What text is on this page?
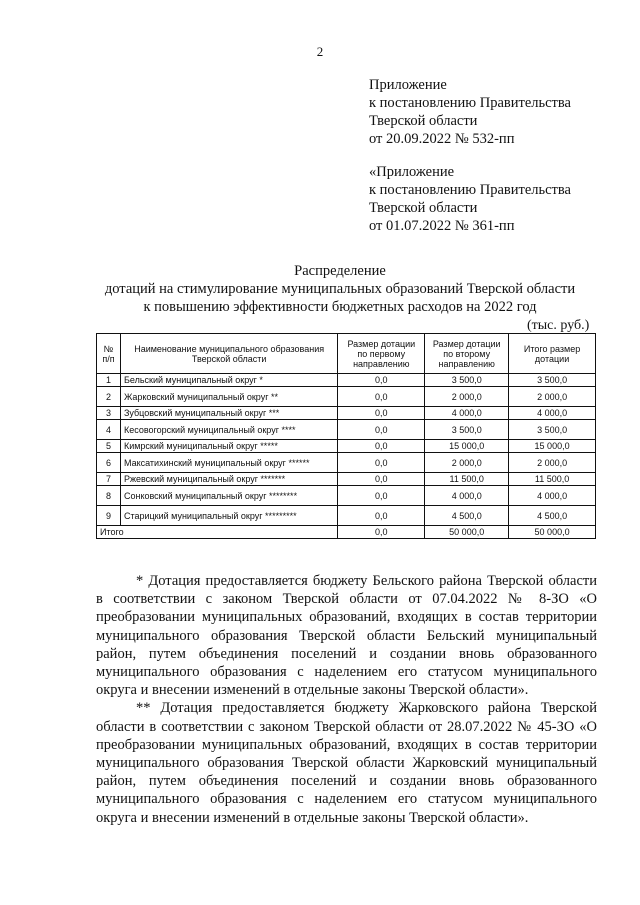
2
Приложение
к постановлению Правительства
Тверской области
от 20.09.2022 № 532-пп
«Приложение
к постановлению Правительства
Тверской области
от 01.07.2022 № 361-пп
Распределение
дотаций на стимулирование муниципальных образований Тверской области
к повышению эффективности бюджетных расходов на 2022 год
(тыс. руб.)
№ п/п	Наименование муниципального образования Тверской области	Размер дотации по первому направлению	Размер дотации по второму направлению	Итого размер дотации
1	Бельский муниципальный округ *	0,0	3 500,0	3 500,0
2	Жарковский муниципальный округ **	0,0	2 000,0	2 000,0
3	Зубцовский муниципальный округ ***	0,0	4 000,0	4 000,0
4	Кесовогорский муниципальный округ ****	0,0	3 500,0	3 500,0
5	Кимрский муниципальный округ *****	0,0	15 000,0	15 000,0
6	Максатихинский муниципальный округ ******	0,0	2 000,0	2 000,0
7	Ржевский муниципальный округ *******	0,0	11 500,0	11 500,0
8	Сонковский муниципальный округ ********	0,0	4 000,0	4 000,0
9	Старицкий муниципальный округ *********	0,0	4 500,0	4 500,0
Итого		0,0	50 000,0	50 000,0

* Дотация предоставляется бюджету Бельского района Тверской области в соответствии с законом Тверской области от 07.04.2022 № 8-ЗО «О преобразовании муниципальных образований, входящих в состав территории муниципального образования Тверской области Бельский муниципальный район, путем объединения поселений и создании вновь образованного муниципального образования с наделением его статусом муниципального округа и внесении изменений в отдельные законы Тверской области».

** Дотация предоставляется бюджету Жарковского района Тверской области в соответствии с законом Тверской области от 28.07.2022 № 45-ЗО «О преобразовании муниципальных образований, входящих в состав территории муниципального образования Тверской области Жарковский муниципальный район, путем объединения поселений и создании вновь образованного муниципального образования с наделением его статусом муниципального округа и внесении изменений в отдельные законы Тверской области».
